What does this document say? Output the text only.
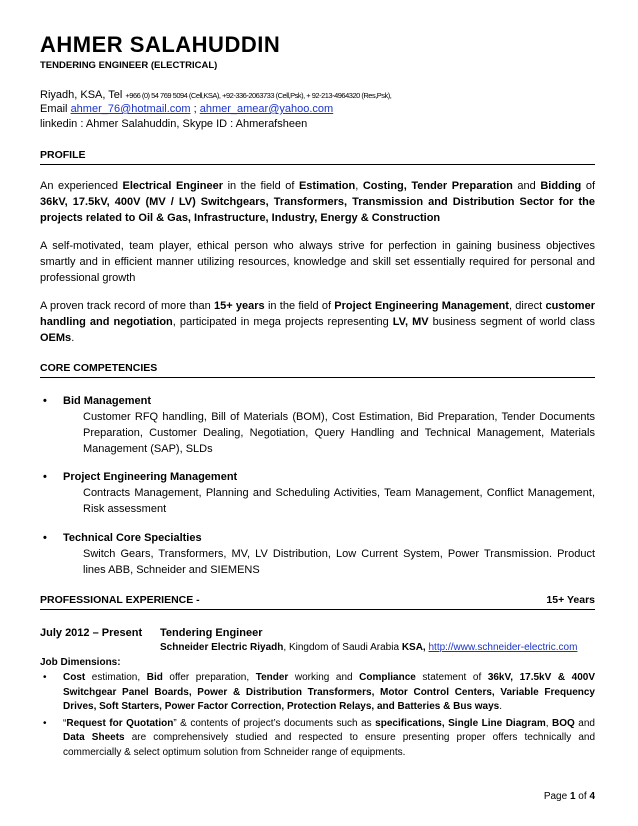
AHMER SALAHUDDIN
TENDERING ENGINEER (ELECTRICAL)
Riyadh, KSA, Tel +966 (0) 54 769 5094 (Cell,KSA), +92-336-2063733 (Cell,Psk), + 92-213-4964320 (Res,Psk),
Email ahmer_76@hotmail.com ; ahmer_amear@yahoo.com
linkedin : Ahmer Salahuddin, Skype ID : Ahmerafsheen
PROFILE
An experienced Electrical Engineer in the field of Estimation, Costing, Tender Preparation and Bidding of 36kV, 17.5kV, 400V (MV / LV) Switchgears, Transformers, Transmission and Distribution Sector for the projects related to Oil & Gas, Infrastructure, Industry, Energy & Construction
A self-motivated, team player, ethical person who always strive for perfection in gaining business objectives smartly and in efficient manner utilizing resources, knowledge and skill set essentially required for personal and professional growth
A proven track record of more than 15+ years in the field of Project Engineering Management, direct customer handling and negotiation, participated in mega projects representing LV, MV business segment of world class OEMs.
CORE COMPETENCIES
• Bid Management
Customer RFQ handling, Bill of Materials (BOM), Cost Estimation, Bid Preparation, Tender Documents Preparation, Customer Dealing, Negotiation, Query Handling and Technical Management, Materials Management (SAP), SLDs
• Project Engineering Management
Contracts Management, Planning and Scheduling Activities, Team Management, Conflict Management, Risk assessment
• Technical Core Specialties
Switch Gears, Transformers, MV, LV Distribution, Low Current System, Power Transmission. Product lines ABB, Schneider and SIEMENS
PROFESSIONAL EXPERIENCE -	15+ Years
July 2012 – Present Tendering Engineer
Schneider Electric Riyadh, Kingdom of Saudi Arabia KSA, http://www.schneider-electric.com
Job Dimensions:
• Cost estimation, Bid offer preparation, Tender working and Compliance statement of 36kV, 17.5kV & 400V Switchgear Panel Boards, Power & Distribution Transformers, Motor Control Centers, Variable Frequency Drives, Soft Starters, Power Factor Correction, Protection Relays, and Batteries & Bus ways.
• “Request for Quotation” & contents of project’s documents such as specifications, Single Line Diagram, BOQ and Data Sheets are comprehensively studied and respected to ensure presenting proper offers technically and commercially & select optimum solution from Schneider range of equipments.
Page 1 of 4
